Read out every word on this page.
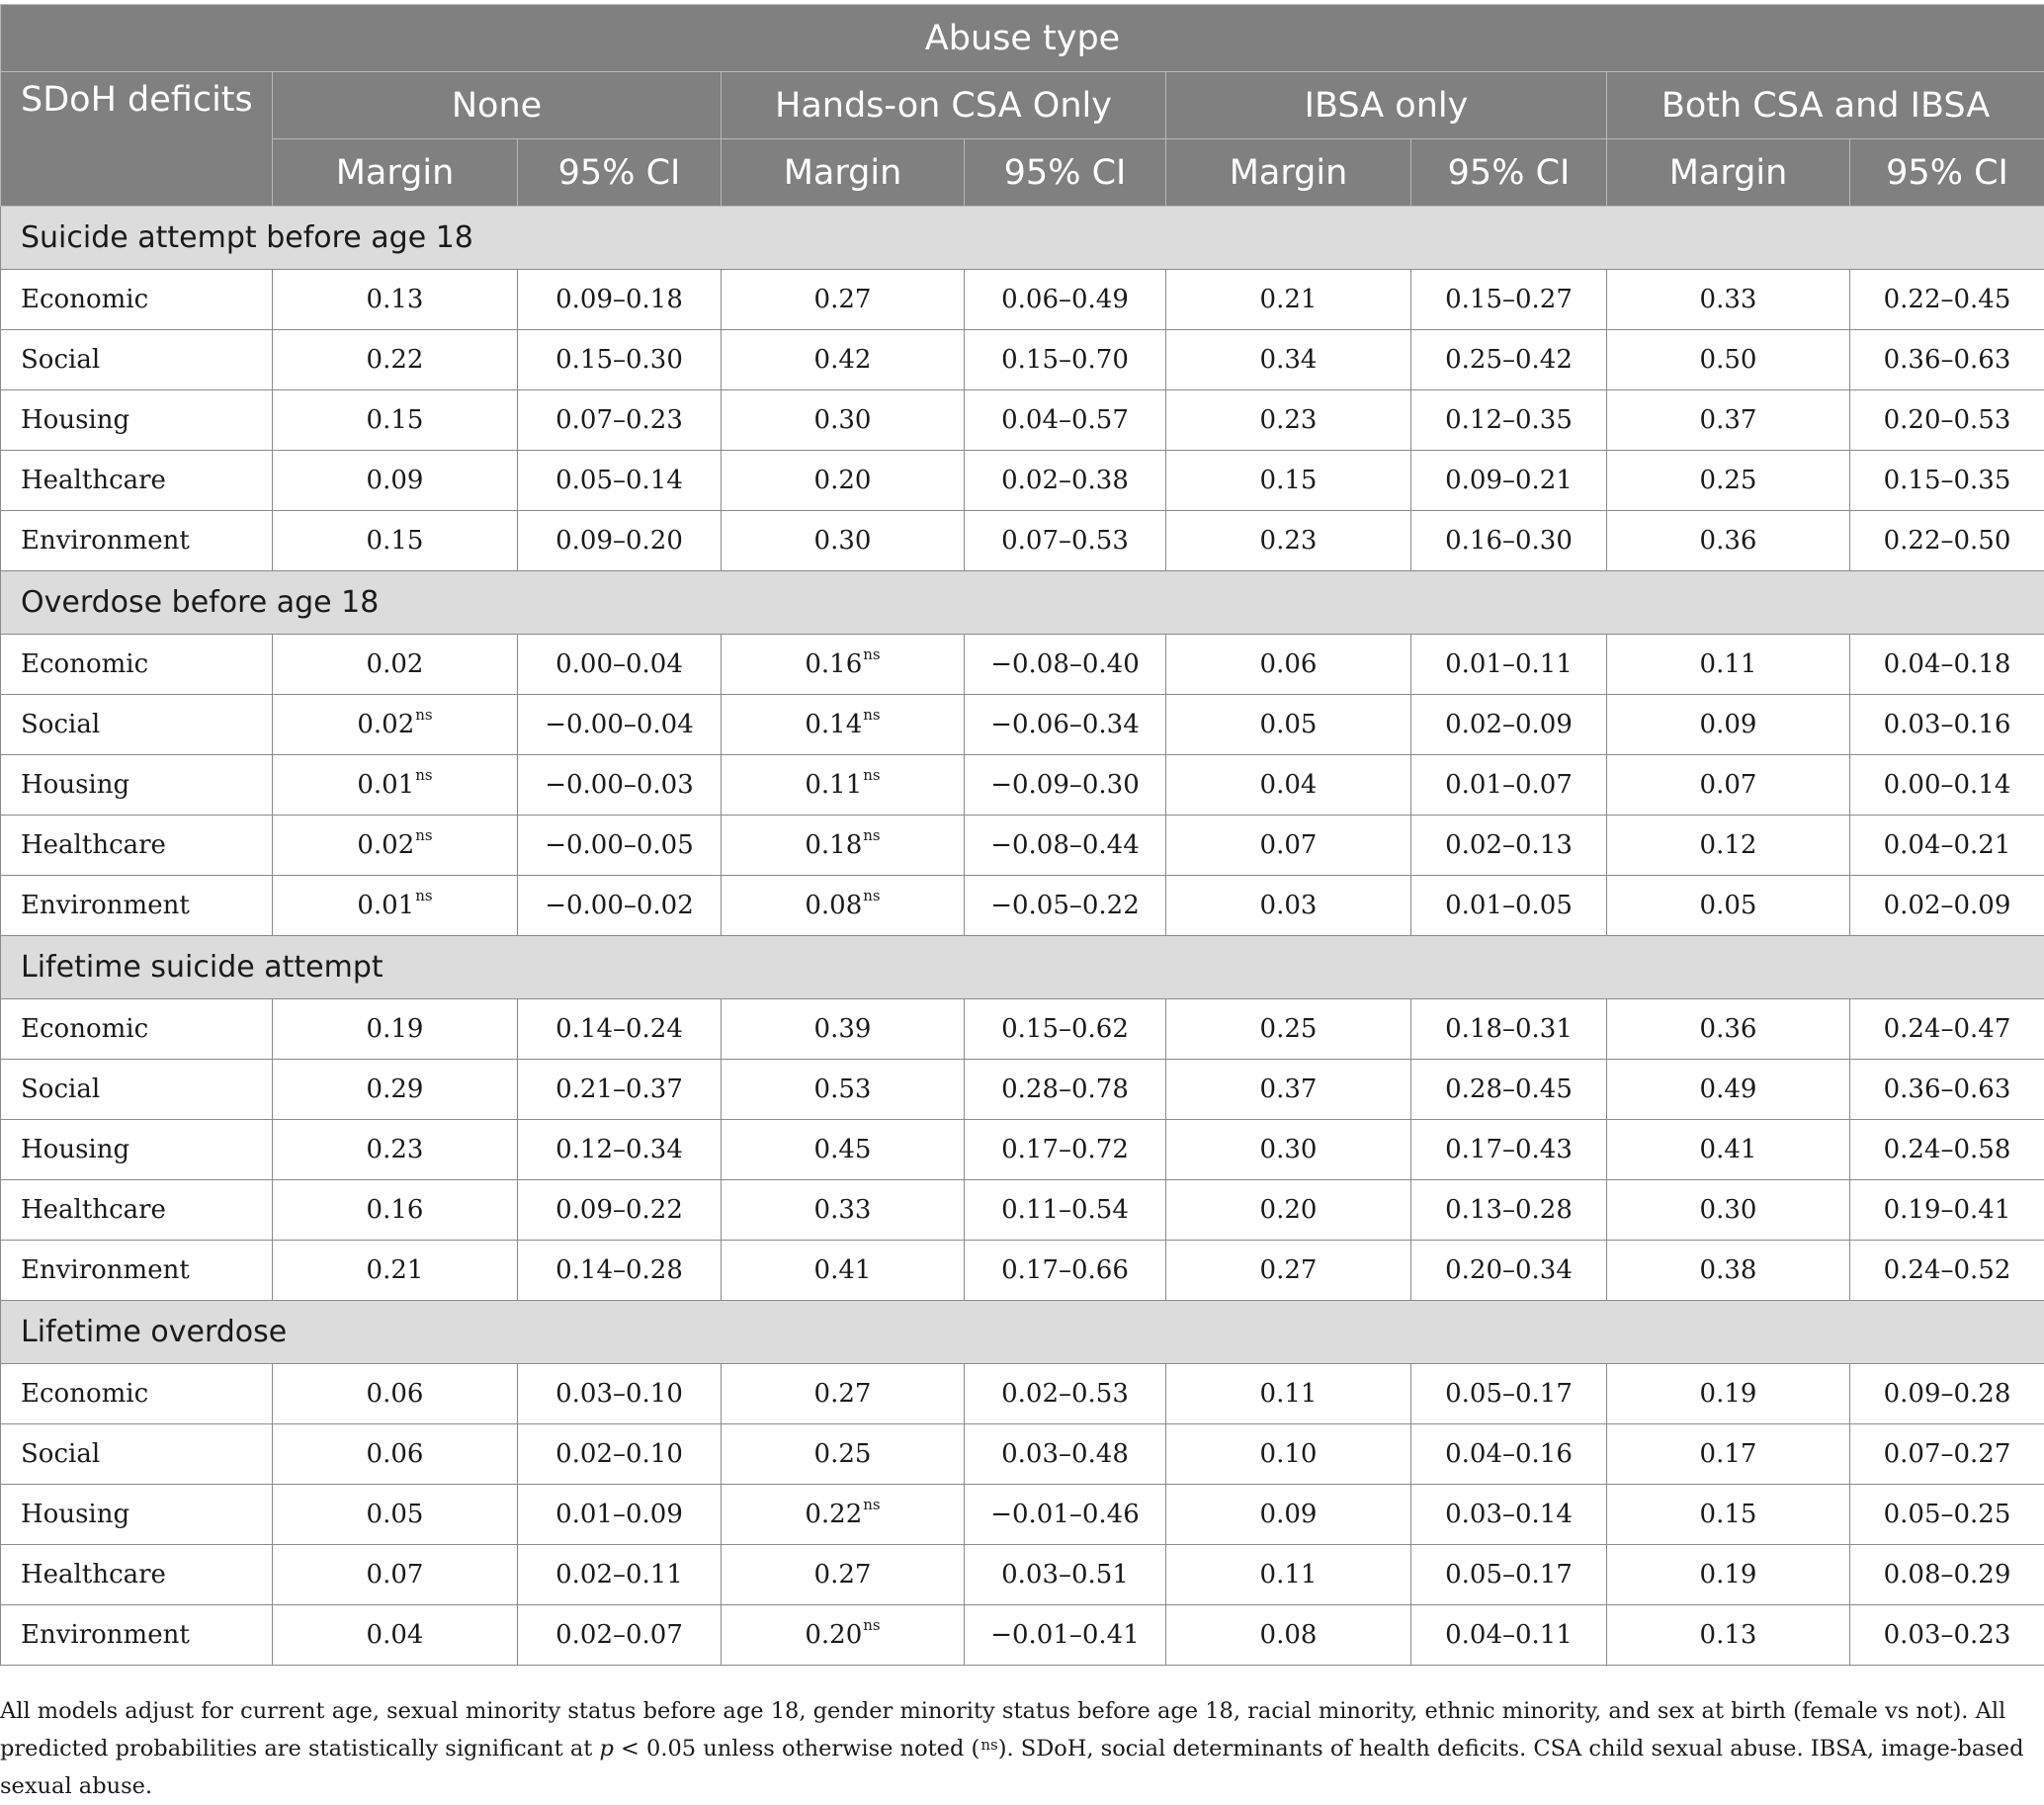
Abuse type								
SDoH deficits	None		Hands-on CSA Only		IBSA only		Both CSA and IBSA	
	Margin	95% CI	Margin	95% CI	Margin	95% CI	Margin	95% CI
Suicide attempt before age 18								
Economic	0.13	0.09–0.18	0.27	0.06–0.49	0.21	0.15–0.27	0.33	0.22–0.45
Social	0.22	0.15–0.30	0.42	0.15–0.70	0.34	0.25–0.42	0.50	0.36–0.63
Housing	0.15	0.07–0.23	0.30	0.04–0.57	0.23	0.12–0.35	0.37	0.20–0.53
Healthcare	0.09	0.05–0.14	0.20	0.02–0.38	0.15	0.09–0.21	0.25	0.15–0.35
Environment	0.15	0.09–0.20	0.30	0.07–0.53	0.23	0.16–0.30	0.36	0.22–0.50
Overdose before age 18								
Economic	0.02	0.00–0.04	$0.16^{ns}$	−0.08–0.40	0.06	0.01–0.11	0.11	0.04–0.18
Social	$0.02^{ns}$	−0.00–0.04	$0.14^{ns}$	−0.06–0.34	0.05	0.02–0.09	0.09	0.03–0.16
Housing	$0.01^{ns}$	−0.00–0.03	$0.11^{ns}$	−0.09–0.30	0.04	0.01–0.07	0.07	0.00–0.14
Healthcare	$0.02^{ns}$	−0.00–0.05	$0.18^{ns}$	−0.08–0.44	0.07	0.02–0.13	0.12	0.04–0.21
Environment	$0.01^{ns}$	−0.00–0.02	$0.08^{ns}$	−0.05–0.22	0.03	0.01–0.05	0.05	0.02–0.09
Lifetime suicide attempt								
Economic	0.19	0.14–0.24	0.39	0.15–0.62	0.25	0.18–0.31	0.36	0.24–0.47
Social	0.29	0.21–0.37	0.53	0.28–0.78	0.37	0.28–0.45	0.49	0.36–0.63
Housing	0.23	0.12–0.34	0.45	0.17–0.72	0.30	0.17–0.43	0.41	0.24–0.58
Healthcare	0.16	0.09–0.22	0.33	0.11–0.54	0.20	0.13–0.28	0.30	0.19–0.41
Environment	0.21	0.14–0.28	0.41	0.17–0.66	0.27	0.20–0.34	0.38	0.24–0.52
Lifetime overdose								
Economic	0.06	0.03–0.10	0.27	0.02–0.53	0.11	0.05–0.17	0.19	0.09–0.28
Social	0.06	0.02–0.10	0.25	0.03–0.48	0.10	0.04–0.16	0.17	0.07–0.27
Housing	0.05	0.01–0.09	$0.22^{ns}$	−0.01–0.46	0.09	0.03–0.14	0.15	0.05–0.25
Healthcare	0.07	0.02–0.11	0.27	0.03–0.51	0.11	0.05–0.17	0.19	0.08–0.29
Environment	0.04	0.02–0.07	$0.20^{ns}$	−0.01–0.41	0.08	0.04–0.11	0.13	0.03–0.23
All models adjust for current age, sexual minority status before age 18, gender minority status before age 18, racial minority, ethnic minority, and sex at birth (female vs not). All predicted probabilities are statistically significant at p < 0.05 unless otherwise noted ($^{ns}$). SDoH, social determinants of health deficits. CSA child sexual abuse. IBSA, image-based sexual abuse.
